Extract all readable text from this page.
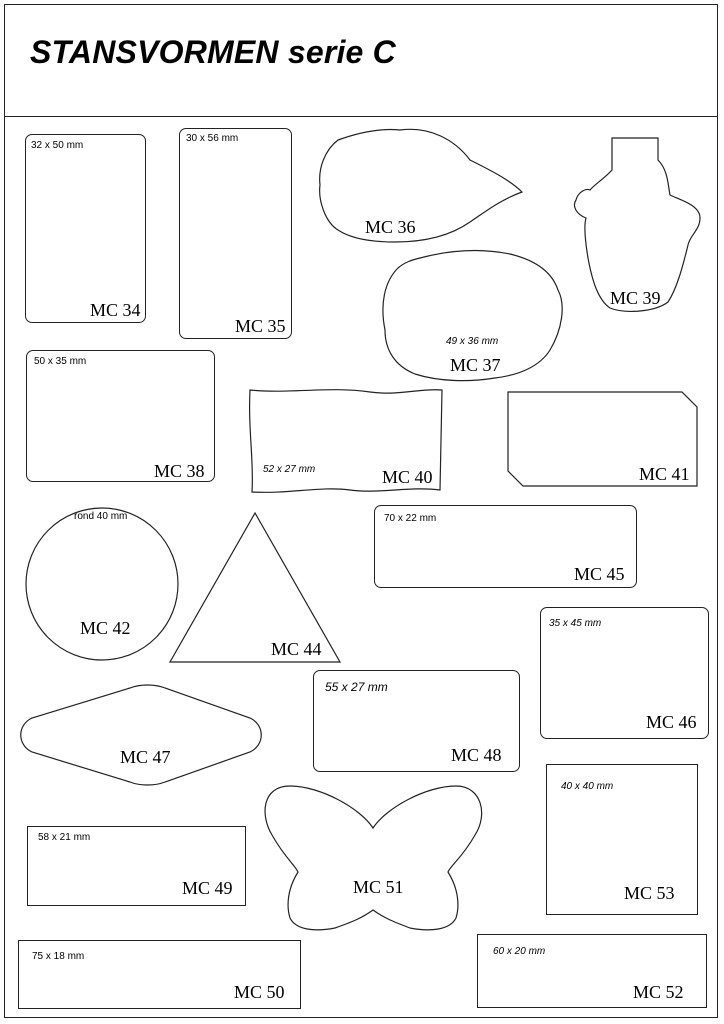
STANSVORMEN serie C
32 x 50 mm
MC 34
30 x 56 mm
MC 35
MC 36
49 x 36 mm
MC 37
50 x 35 mm
MC 38
MC 39
52 x 27 mm	MC 40	MC 41
rond 40 mm
MC 42
MC 44
70 x 22 mm
MC 45
35 x 45 mm
MC 46
MC 47
55 x 27 mm
MC 48
58 x 21 mm
MC 49
75 x 18 mm
MC 50
MC 51
60 x 20 mm
MC 52
40 x 40 mm
MC 53
